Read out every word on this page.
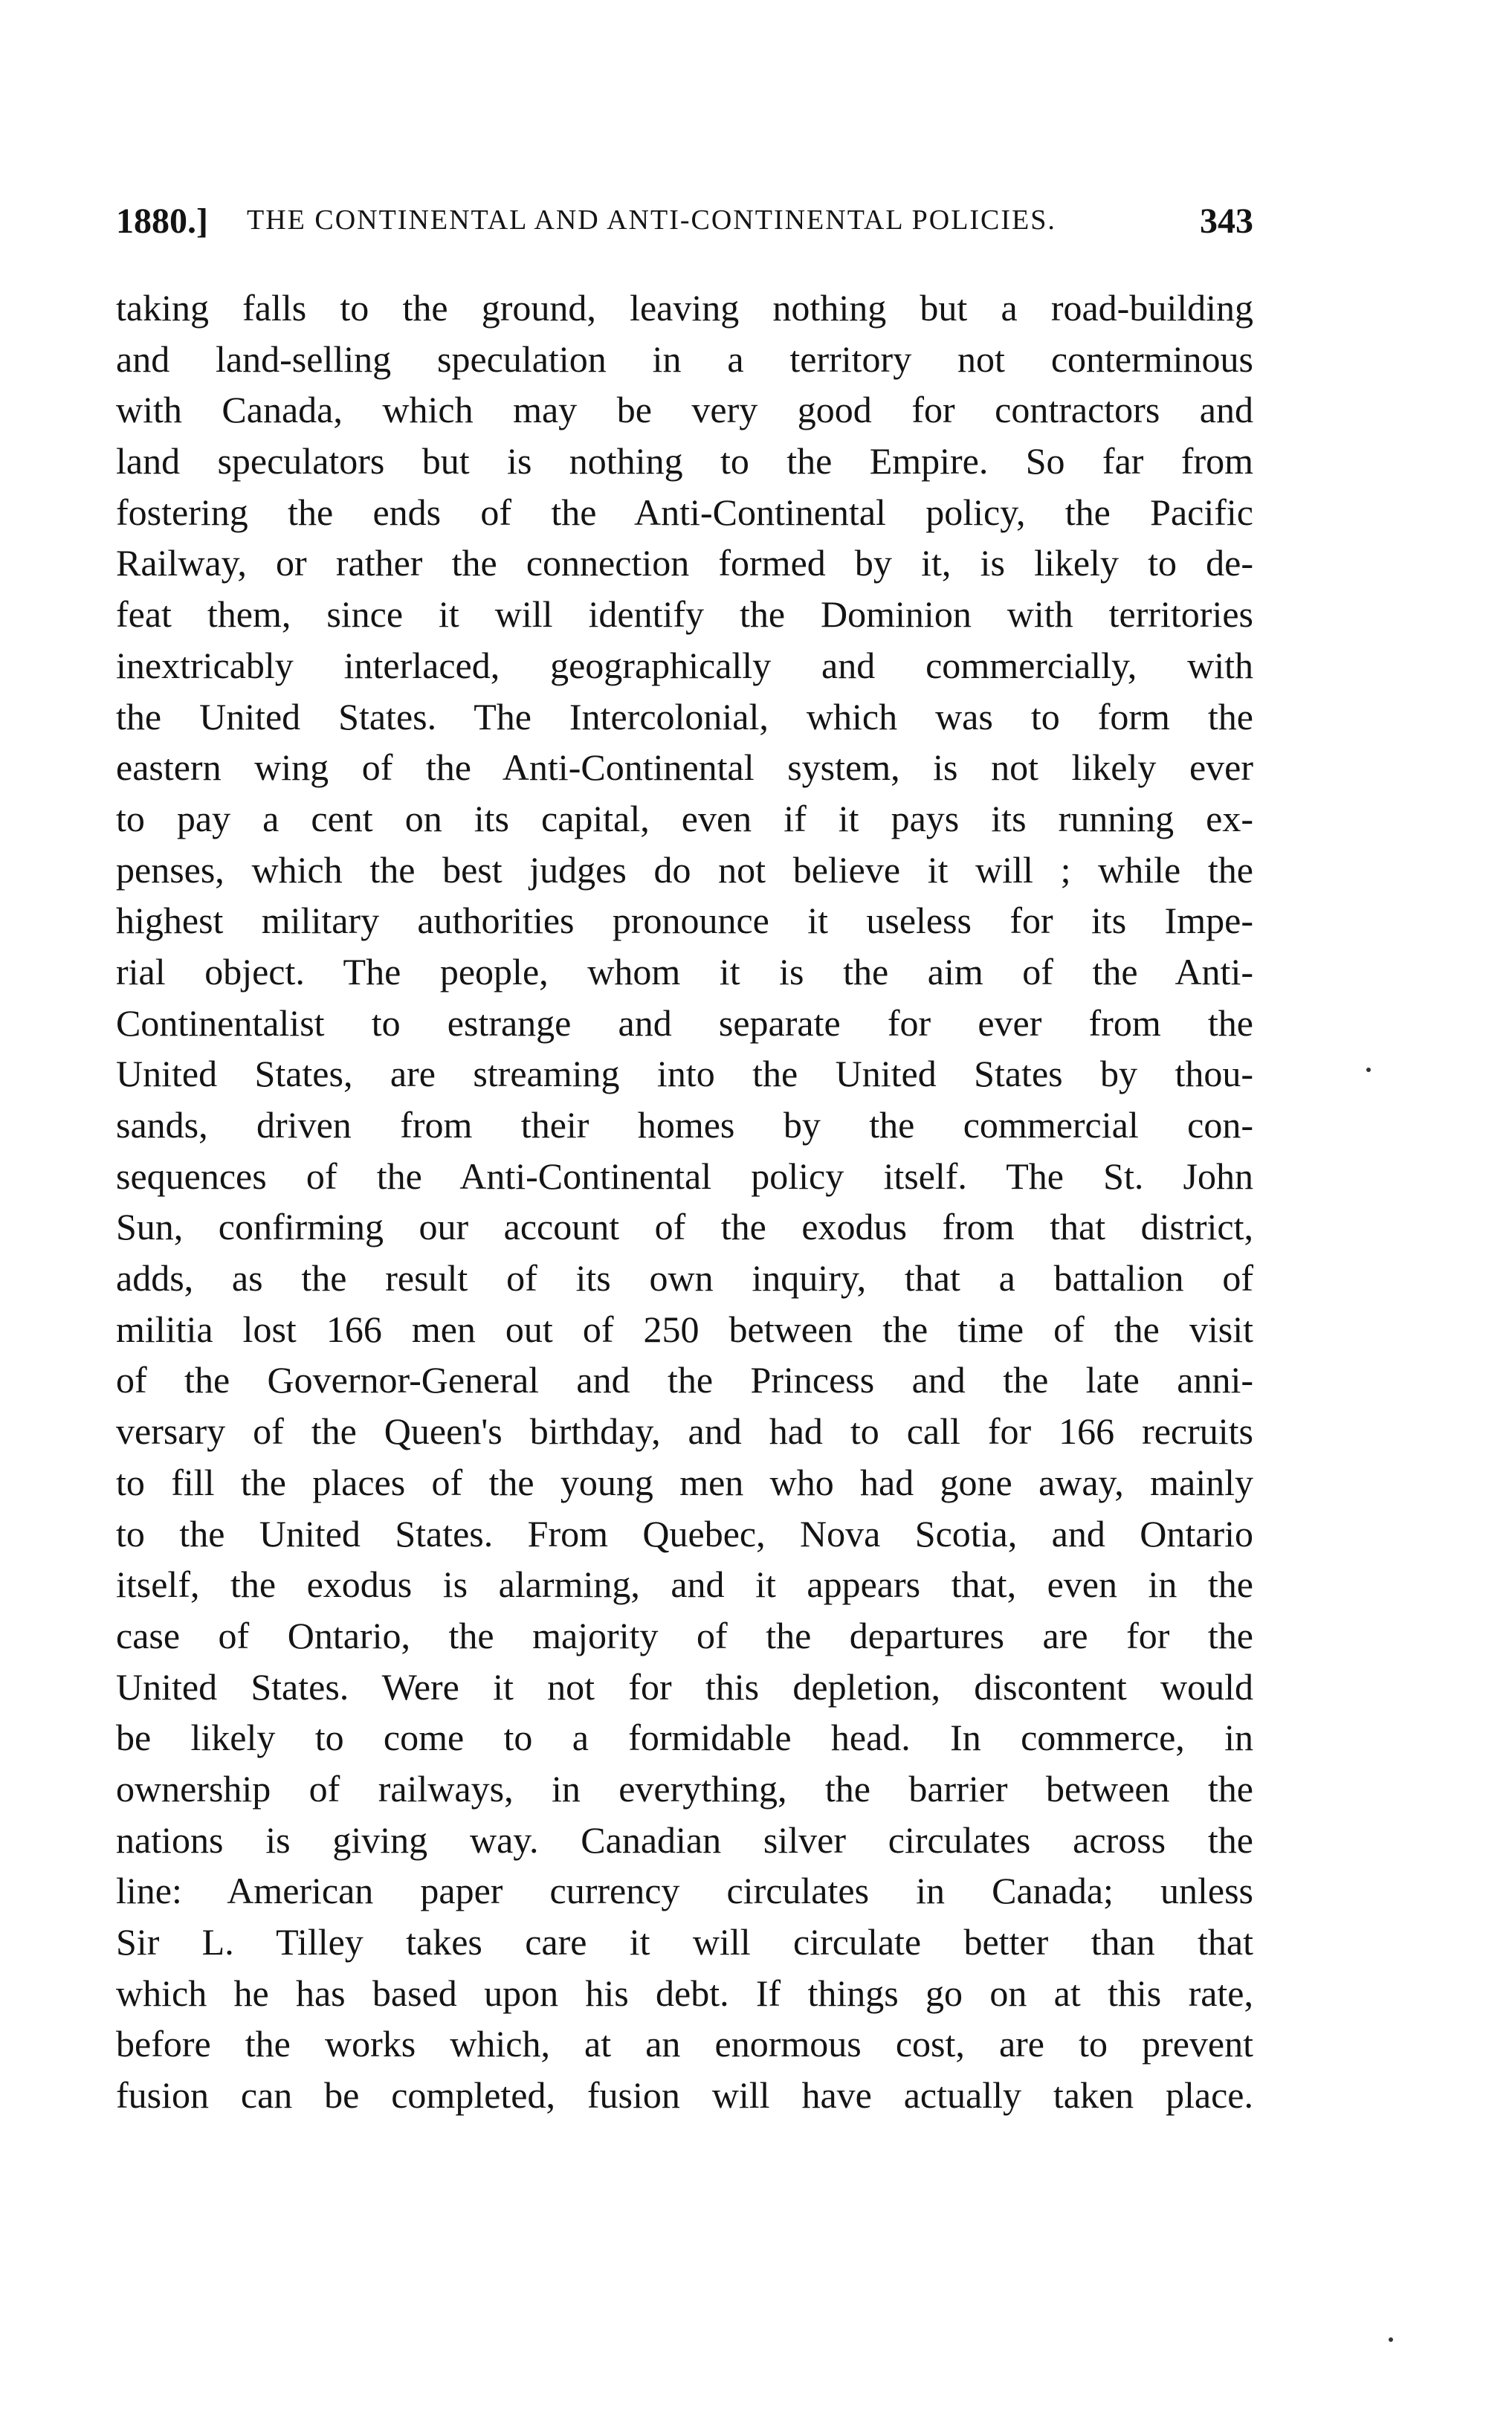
1880.] THE CONTINENTAL AND ANTI-CONTINENTAL POLICIES.	343
taking falls to the ground, leaving nothing but a road-building
and land-selling speculation in a territory not conterminous
with Canada, which may be very good for contractors and
land speculators but is nothing to the Empire. So far from
fostering the ends of the Anti-Continental policy, the Pacific
Railway, or rather the connection formed by it, is likely to de-
feat them, since it will identify the Dominion with territories
inextricably interlaced, geographically and commercially, with
the United States. The Intercolonial, which was to form the
eastern wing of the Anti-Continental system, is not likely ever
to pay a cent on its capital, even if it pays its running ex-
penses, which the best judges do not believe it will ; while the
highest military authorities pronounce it useless for its Impe-
rial object. The people, whom it is the aim of the Anti-
Continentalist to estrange and separate for ever from the
United States, are streaming into the United States by thou-
sands, driven from their homes by the commercial con-
sequences of the Anti-Continental policy itself. The St. John
Sun, confirming our account of the exodus from that district,
adds, as the result of its own inquiry, that a battalion of
militia lost 166 men out of 250 between the time of the visit
of the Governor-General and the Princess and the late anni-
versary of the Queen's birthday, and had to call for 166 recruits
to fill the places of the young men who had gone away, mainly
to the United States. From Quebec, Nova Scotia, and Ontario
itself, the exodus is alarming, and it appears that, even in the
case of Ontario, the majority of the departures are for the
United States. Were it not for this depletion, discontent would
be likely to come to a formidable head. In commerce, in
ownership of railways, in everything, the barrier between the
nations is giving way. Canadian silver circulates across the
line: American paper currency circulates in Canada; unless
Sir L. Tilley takes care it will circulate better than that
which he has based upon his debt. If things go on at this rate,
before the works which, at an enormous cost, are to prevent
fusion can be completed, fusion will have actually taken place.
